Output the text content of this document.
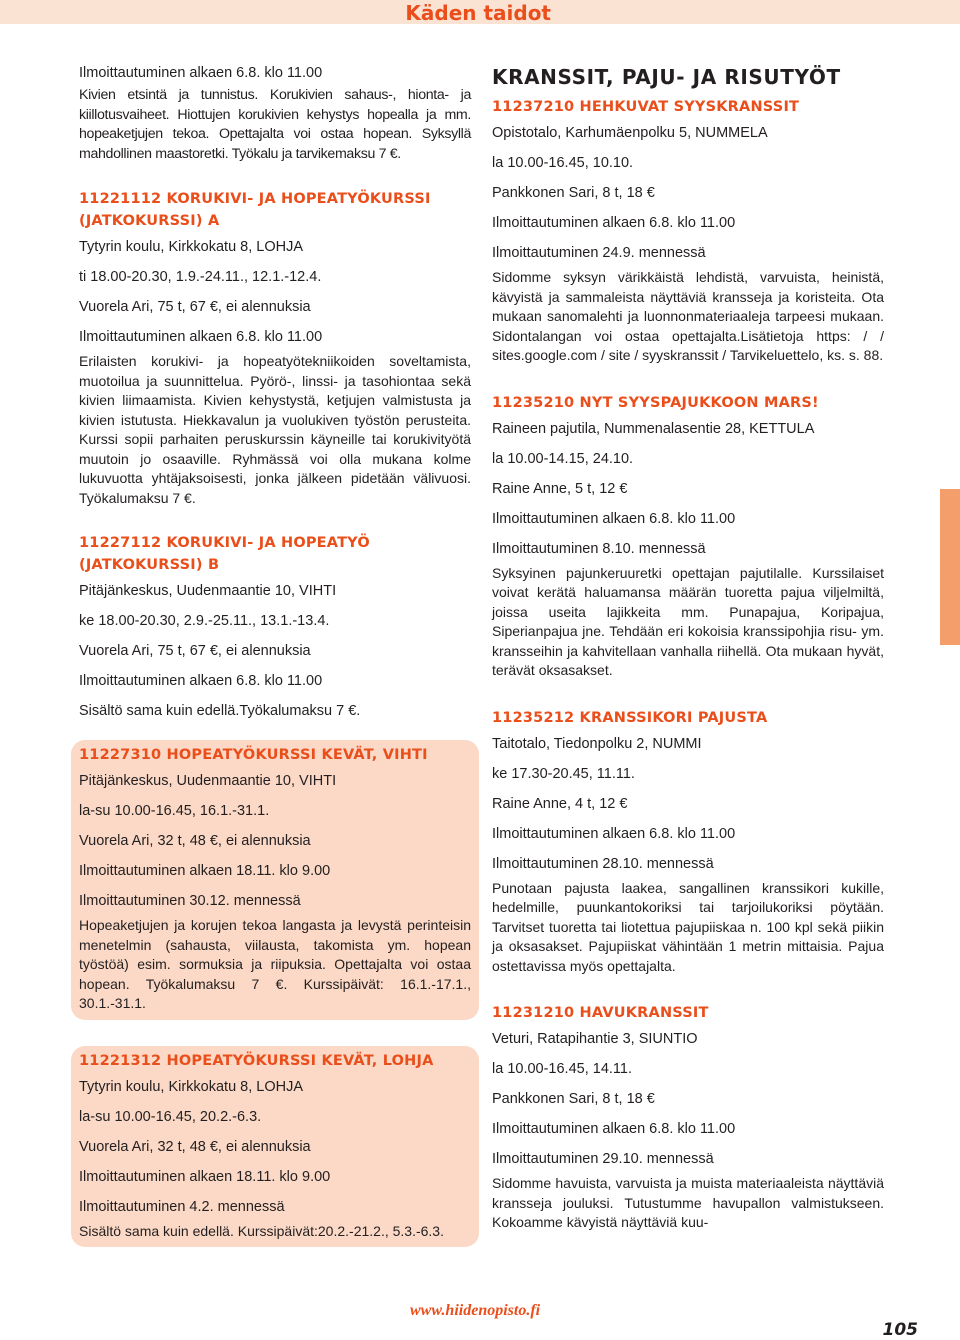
Käden taidot

Ilmoittautuminen alkaen 6.8. klo 11.00

Kivien etsintä ja tunnistus. Korukivien sahaus-, hionta- ja kiillotusvaiheet. Hiottujen korukivien kehystys hopealla ja mm. hopeaketjujen tekoa. Opettajalta voi ostaa hopean. Syksyllä mahdollinen maastoretki. Työkalu ja tarvikemaksu 7 €.

11221112 KORUKIVI- JA HOPEATYÖKURSSI (JATKOKURSSI) A

Tytyrin koulu, Kirkkokatu 8, LOHJA

ti 18.00-20.30, 1.9.-24.11., 12.1.-12.4.

Vuorela Ari, 75 t, 67 €, ei alennuksia

Ilmoittautuminen alkaen 6.8. klo 11.00

Erilaisten korukivi- ja hopeatyötekniikoiden soveltamista, muotoilua ja suunnittelua. Pyörö-, linssi- ja tasohiontaa sekä kivien liimaamista. Kivien kehystystä, ketjujen valmistusta ja kivien istutusta. Hiekkavalun ja vuolukiven työstön perusteita. Kurssi sopii parhaiten peruskurssin käyneille tai korukivityötä muutoin jo osaaville. Ryhmässä voi olla mukana kolme lukuvuotta yhtäjaksoisesti, jonka jälkeen pidetään välivuosi. Työkalumaksu 7 €.

11227112 KORUKIVI- JA HOPEATYÖ (JATKOKURSSI) B

Pitäjänkeskus, Uudenmaantie 10, VIHTI

ke 18.00-20.30, 2.9.-25.11., 13.1.-13.4.

Vuorela Ari, 75 t, 67 €, ei alennuksia

Ilmoittautuminen alkaen 6.8. klo 11.00

Sisältö sama kuin edellä.Työkalumaksu 7 €.

11227310 HOPEATYÖKURSSI KEVÄT, VIHTI

Pitäjänkeskus, Uudenmaantie 10, VIHTI

la-su 10.00-16.45, 16.1.-31.1.

Vuorela Ari, 32 t, 48 €, ei alennuksia

Ilmoittautuminen alkaen 18.11. klo 9.00

Ilmoittautuminen 30.12. mennessä

Hopeaketjujen ja korujen tekoa langasta ja levystä perinteisin menetelmin (sahausta, viilausta, takomista ym. hopean työstöä) esim. sormuksia ja riipuksia. Opettajalta voi ostaa hopean. Työkalumaksu 7 €. Kurssipäivät: 16.1.-17.1., 30.1.-31.1.

11221312 HOPEATYÖKURSSI KEVÄT, LOHJA

Tytyrin koulu, Kirkkokatu 8, LOHJA

la-su 10.00-16.45, 20.2.-6.3.

Vuorela Ari, 32 t, 48 €, ei alennuksia

Ilmoittautuminen alkaen 18.11. klo 9.00

Ilmoittautuminen 4.2. mennessä

Sisältö sama kuin edellä. Kurssipäivät:20.2.-21.2., 5.3.-6.3.

KRANSSIT, PAJU- JA RISUTYÖT

11237210 HEHKUVAT SYYSKRANSSIT

Opistotalo, Karhumäenpolku 5, NUMMELA

la 10.00-16.45, 10.10.

Pankkonen Sari, 8 t, 18 €

Ilmoittautuminen alkaen 6.8. klo 11.00

Ilmoittautuminen 24.9. mennessä

Sidomme syksyn värikkäistä lehdistä, varvuista, heinistä, kävyistä ja sammaleista näyttäviä kransseja ja koristeita. Ota mukaan sanomalehti ja luonnonmateriaaleja tarpeesi mukaan. Sidontalangan voi ostaa opettajalta.Lisätietoja https: / / sites.google.com / site / syyskranssit / Tarvikeluettelo, ks. s. 88.

11235210 NYT SYYSPAJUKKOON MARS!

Raineen pajutila, Nummenalasentie 28, KETTULA

la 10.00-14.15, 24.10.

Raine Anne, 5 t, 12 €

Ilmoittautuminen alkaen 6.8. klo 11.00

Ilmoittautuminen 8.10. mennessä

Syksyinen pajunkeruuretki opettajan pajutilalle. Kurssilaiset voivat kerätä haluamansa määrän tuoretta pajua viljelmiltä, joissa useita lajikkeita mm. Punapajua, Koripajua, Siperianpajua jne. Tehdään eri kokoisia kranssipohjia risu- ym. kransseihin ja kahvitellaan vanhalla riihellä. Ota mukaan hyvät, terävät oksasakset.

11235212 KRANSSIKORI PAJUSTA

Taitotalo, Tiedonpolku 2, NUMMI

ke 17.30-20.45, 11.11.

Raine Anne, 4 t, 12 €

Ilmoittautuminen alkaen 6.8. klo 11.00

Ilmoittautuminen 28.10. mennessä

Punotaan pajusta laakea, sangallinen kranssikori kukille, hedelmille, puunkantokoriksi tai tarjoilukoriksi pöytään. Tarvitset tuoretta tai liotettua pajupiiskaa n. 100 kpl sekä piikin ja oksasakset. Pajupiiskat vähintään 1 metrin mittaisia. Pajua ostettavissa myös opettajalta.

11231210 HAVUKRANSSIT

Veturi, Ratapihantie 3, SIUNTIO

la 10.00-16.45, 14.11.

Pankkonen Sari, 8 t, 18 €

Ilmoittautuminen alkaen 6.8. klo 11.00

Ilmoittautuminen 29.10. mennessä

Sidomme havuista, varvuista ja muista materiaaleista näyttäviä kransseja jouluksi. Tutustumme havupallon valmistukseen. Kokoamme kävyistä näyttäviä kuu-

www.hiidenopisto.fi
105
